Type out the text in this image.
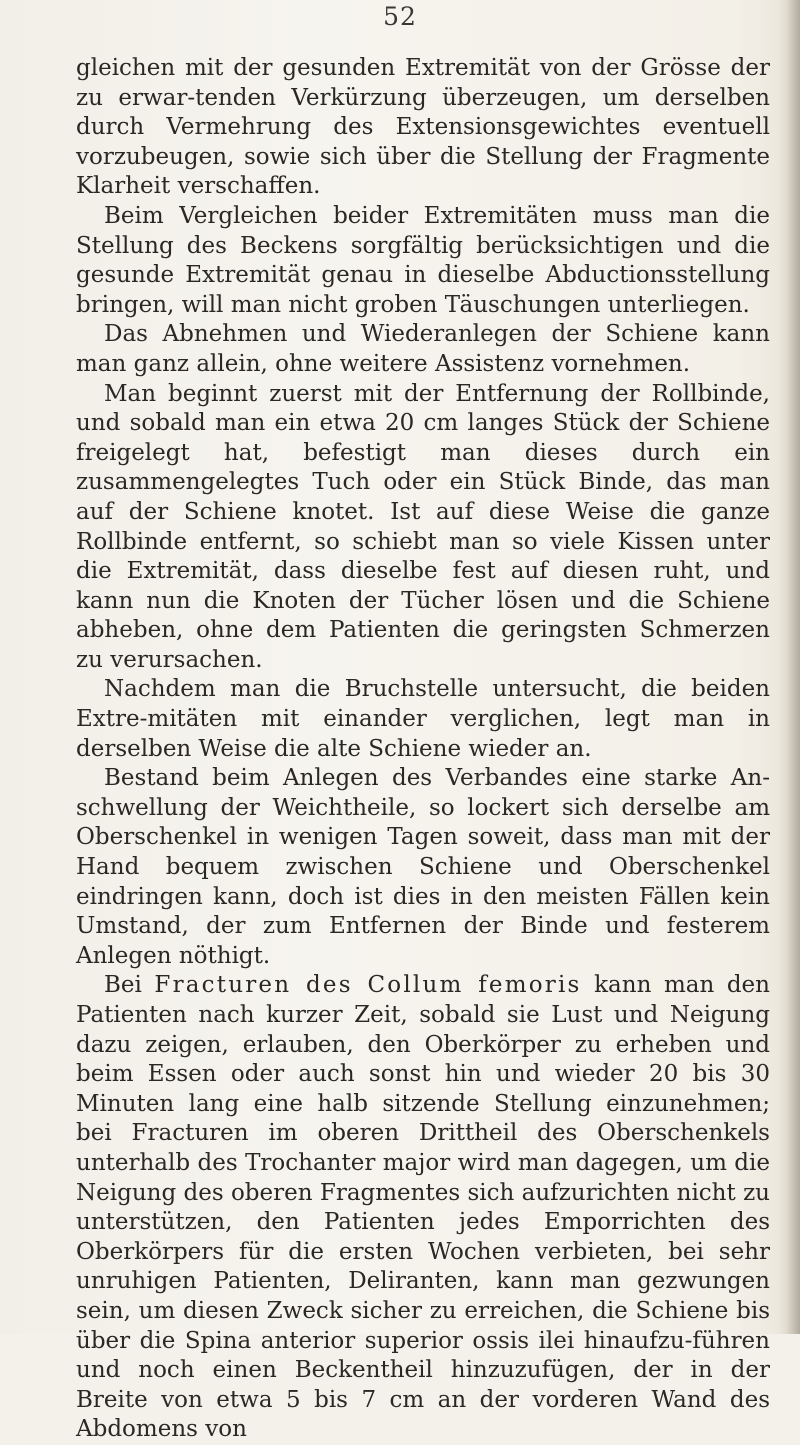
52

gleichen mit der gesunden Extremität von der Grösse der zu erwar-tenden Verkürzung überzeugen, um derselben durch Vermehrung des Extensionsgewichtes eventuell vorzubeugen, sowie sich über die Stellung der Fragmente Klarheit verschaffen.

Beim Vergleichen beider Extremitäten muss man die Stellung des Beckens sorgfältig berücksichtigen und die gesunde Extremität genau in dieselbe Abductionsstellung bringen, will man nicht groben Täuschungen unterliegen.

Das Abnehmen und Wiederanlegen der Schiene kann man ganz allein, ohne weitere Assistenz vornehmen.

Man beginnt zuerst mit der Entfernung der Rollbinde, und sobald man ein etwa 20 cm langes Stück der Schiene freigelegt hat, befestigt man dieses durch ein zusammengelegtes Tuch oder ein Stück Binde, das man auf der Schiene knotet. Ist auf diese Weise die ganze Rollbinde entfernt, so schiebt man so viele Kissen unter die Extremität, dass dieselbe fest auf diesen ruht, und kann nun die Knoten der Tücher lösen und die Schiene abheben, ohne dem Patienten die geringsten Schmerzen zu verursachen.

Nachdem man die Bruchstelle untersucht, die beiden Extre-mitäten mit einander verglichen, legt man in derselben Weise die alte Schiene wieder an.

Bestand beim Anlegen des Verbandes eine starke An-schwellung der Weichtheile, so lockert sich derselbe am Oberschenkel in wenigen Tagen soweit, dass man mit der Hand bequem zwischen Schiene und Oberschenkel eindringen kann, doch ist dies in den meisten Fällen kein Umstand, der zum Entfernen der Binde und festerem Anlegen nöthigt.

Bei Fracturen des Collum femoris kann man den Patienten nach kurzer Zeit, sobald sie Lust und Neigung dazu zeigen, erlauben, den Oberkörper zu erheben und beim Essen oder auch sonst hin und wieder 20 bis 30 Minuten lang eine halb sitzende Stellung einzunehmen; bei Fracturen im oberen Drittheil des Oberschenkels unterhalb des Trochanter major wird man dagegen, um die Neigung des oberen Fragmentes sich aufzurichten nicht zu unterstützen, den Patienten jedes Emporrichten des Oberkörpers für die ersten Wochen verbieten, bei sehr unruhigen Patienten, Deliranten, kann man gezwungen sein, um diesen Zweck sicher zu erreichen, die Schiene bis über die Spina anterior superior ossis ilei hinaufzu-führen und noch einen Beckentheil hinzuzufügen, der in der Breite von etwa 5 bis 7 cm an der vorderen Wand des Abdomens von
